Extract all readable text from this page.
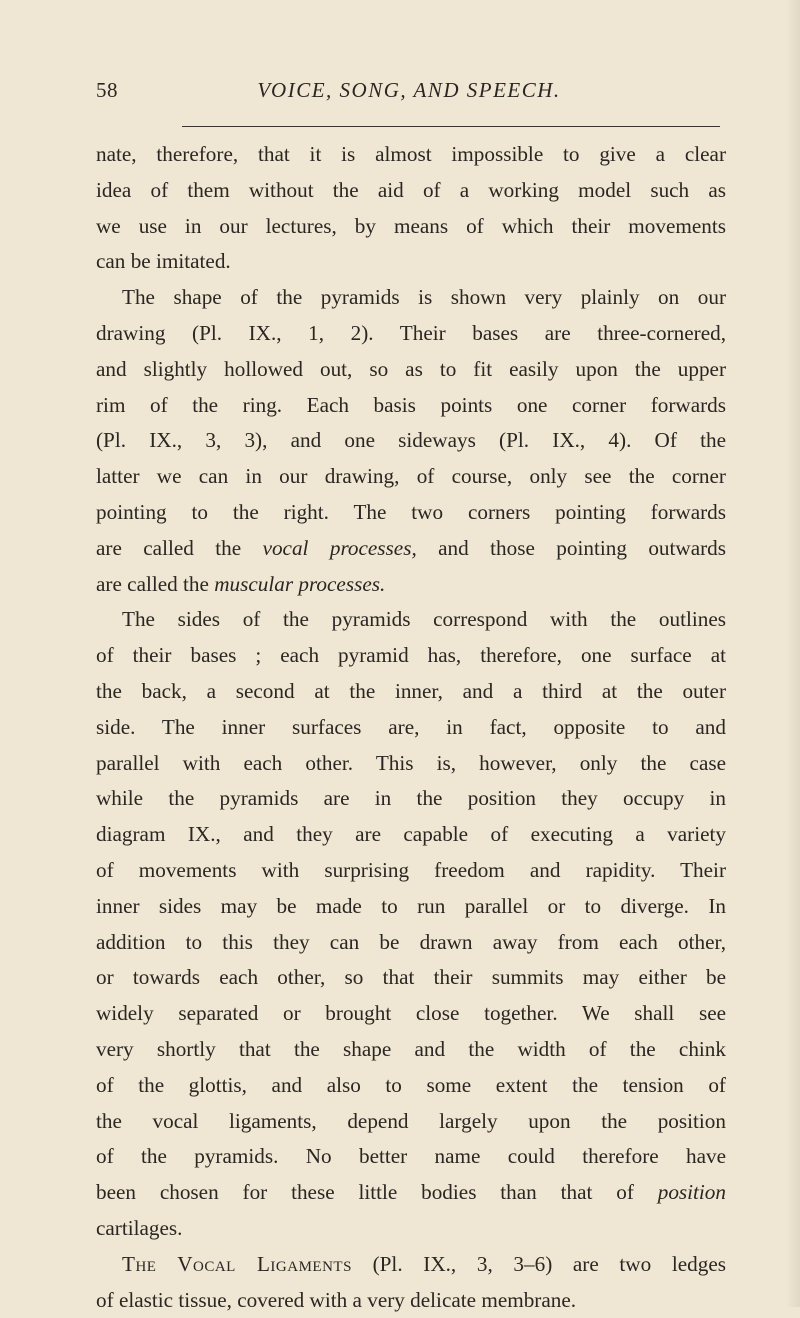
58	VOICE, SONG, AND SPEECH.
nate, therefore, that it is almost impossible to give a clear
idea of them without the aid of a working model such as
we use in our lectures, by means of which their movements
can be imitated.
The shape of the pyramids is shown very plainly on our
drawing (Pl. IX., 1, 2). Their bases are three-cornered,
and slightly hollowed out, so as to fit easily upon the upper
rim of the ring. Each basis points one corner forwards
(Pl. IX., 3, 3), and one sideways (Pl. IX., 4). Of the
latter we can in our drawing, of course, only see the corner
pointing to the right. The two corners pointing forwards
are called the vocal processes, and those pointing outwards
are called the muscular processes.
The sides of the pyramids correspond with the outlines
of their bases ; each pyramid has, therefore, one surface at
the back, a second at the inner, and a third at the outer
side. The inner surfaces are, in fact, opposite to and
parallel with each other. This is, however, only the case
while the pyramids are in the position they occupy in
diagram IX., and they are capable of executing a variety
of movements with surprising freedom and rapidity. Their
inner sides may be made to run parallel or to diverge. In
addition to this they can be drawn away from each other,
or towards each other, so that their summits may either be
widely separated or brought close together. We shall see
very shortly that the shape and the width of the chink
of the glottis, and also to some extent the tension of
the vocal ligaments, depend largely upon the position
of the pyramids. No better name could therefore have
been chosen for these little bodies than that of position
cartilages.
The Vocal Ligaments (Pl. IX., 3, 3–6) are two ledges
of elastic tissue, covered with a very delicate membrane.
